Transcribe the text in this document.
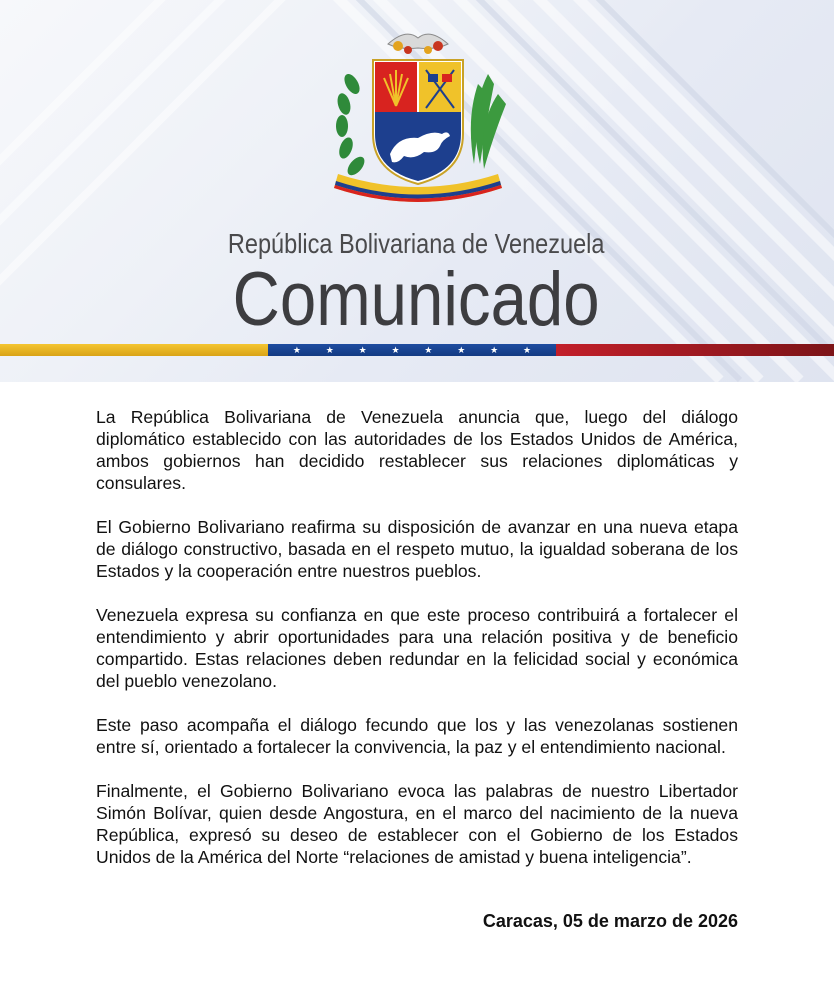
República Bolivariana de Venezuela
Comunicado
★	★	★	★	★	★	★	★

La República Bolivariana de Venezuela anuncia que, luego del diálogo diplomático establecido con las autoridades de los Estados Unidos de América, ambos gobiernos han decidido restablecer sus relaciones diplomáticas y consulares.

El Gobierno Bolivariano reafirma su disposición de avanzar en una nueva etapa de diálogo constructivo, basada en el respeto mutuo, la igualdad soberana de los Estados y la cooperación entre nuestros pueblos.

Venezuela expresa su confianza en que este proceso contribuirá a fortalecer el entendimiento y abrir oportunidades para una relación positiva y de beneficio compartido. Estas relaciones deben redundar en la felicidad social y económica del pueblo venezolano.

Este paso acompaña el diálogo fecundo que los y las venezolanas sostienen entre sí, orientado a fortalecer la convivencia, la paz y el entendimiento nacional.

Finalmente, el Gobierno Bolivariano evoca las palabras de nuestro Libertador Simón Bolívar, quien desde Angostura, en el marco del nacimiento de la nueva República, expresó su deseo de establecer con el Gobierno de los Estados Unidos de la América del Norte “relaciones de amistad y buena inteligencia”.

Caracas, 05 de marzo de 2026
